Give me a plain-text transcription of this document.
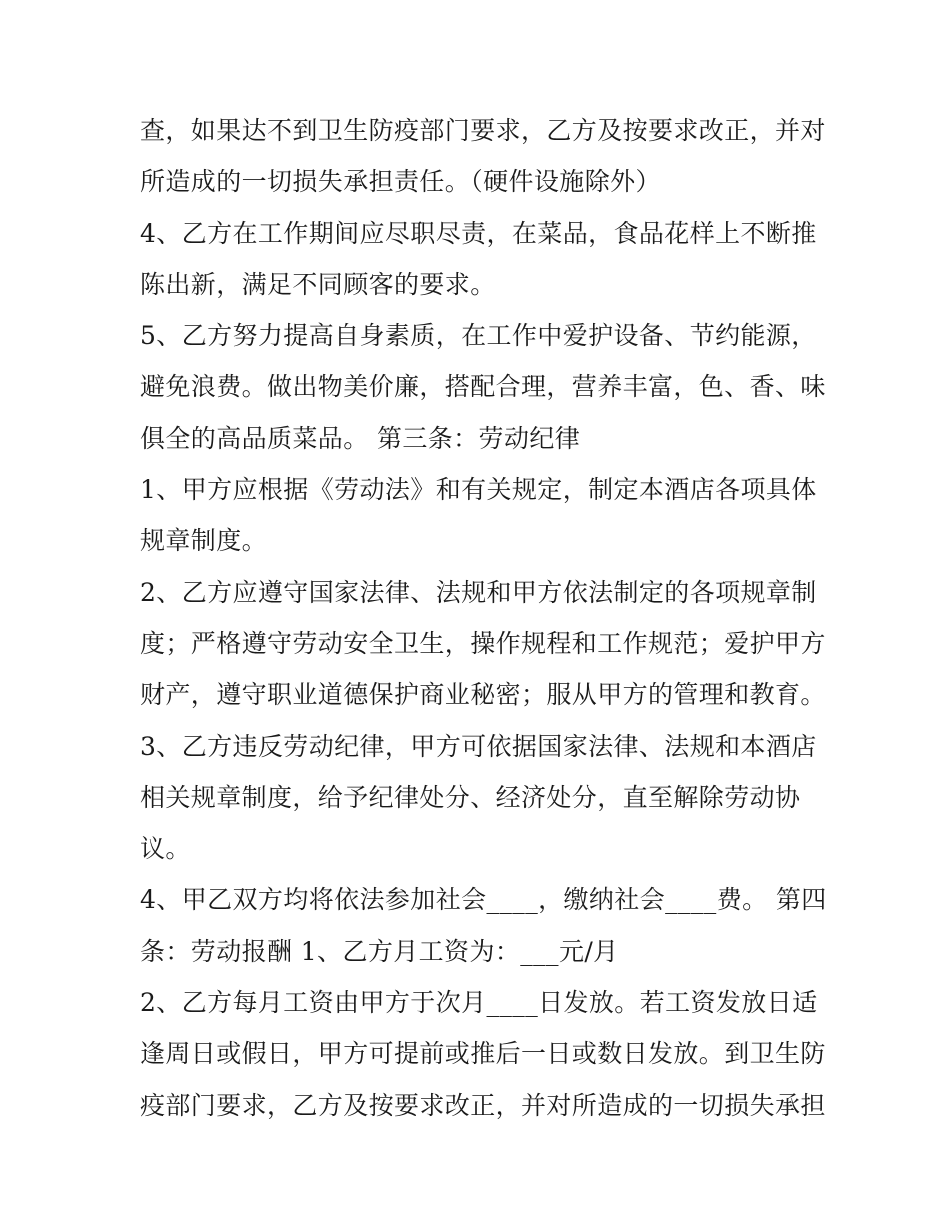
查，如果达不到卫生防疫部门要求，乙方及按要求改正，并对
所造成的一切损失承担责任。（硬件设施除外）
4、乙方在工作期间应尽职尽责，在菜品，食品花样上不断推
陈出新，满足不同顾客的要求。
5、乙方努力提高自身素质，在工作中爱护设备、节约能源，
避免浪费。做出物美价廉，搭配合理，营养丰富，色、香、味
俱全的高品质菜品。 第三条：劳动纪律
1、甲方应根据《劳动法》和有关规定，制定本酒店各项具体
规章制度。
2、乙方应遵守国家法律、法规和甲方依法制定的各项规章制
度；严格遵守劳动安全卫生，操作规程和工作规范；爱护甲方
财产，遵守职业道德保护商业秘密；服从甲方的管理和教育。
3、乙方违反劳动纪律，甲方可依据国家法律、法规和本酒店
相关规章制度，给予纪律处分、经济处分，直至解除劳动协
议。
4、甲乙双方均将依法参加社会____，缴纳社会____费。 第四
条：劳动报酬 1、乙方月工资为：___元/月
2、乙方每月工资由甲方于次月____日发放。若工资发放日适
逢周日或假日，甲方可提前或推后一日或数日发放。到卫生防
疫部门要求，乙方及按要求改正，并对所造成的一切损失承担
